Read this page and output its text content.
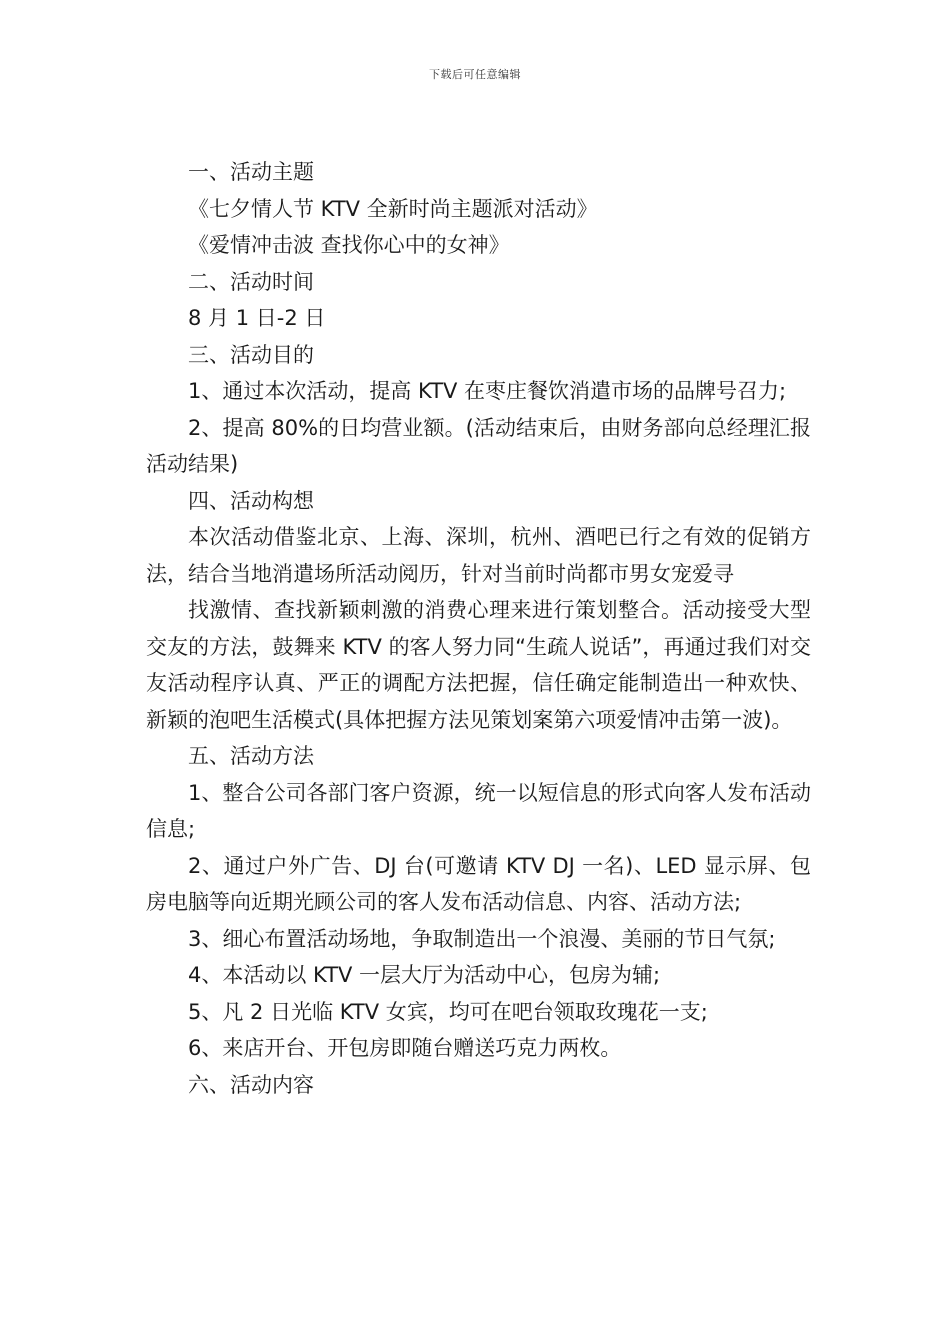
下载后可任意编辑

一、活动主题

《七夕情人节 KTV 全新时尚主题派对活动》

《爱情冲击波 查找你心中的女神》

二、活动时间

8 月 1 日-2 日

三、活动目的

1、通过本次活动，提高 KTV 在枣庄餐饮消遣市场的品牌号召力;

2、提高 80%的日均营业额。(活动结束后，由财务部向总经理汇报活动结果)

四、活动构想

本次活动借鉴北京、上海、深圳，杭州、酒吧已行之有效的促销方法，结合当地消遣场所活动阅历，针对当前时尚都市男女宠爱寻

找激情、查找新颖刺激的消费心理来进行策划整合。活动接受大型交友的方法，鼓舞来 KTV 的客人努力同“生疏人说话”，再通过我们对交友活动程序认真、严正的调配方法把握，信任确定能制造出一种欢快、新颖的泡吧生活模式(具体把握方法见策划案第六项爱情冲击第一波)。

五、活动方法

1、整合公司各部门客户资源，统一以短信息的形式向客人发布活动信息;

2、通过户外广告、DJ 台(可邀请 KTV DJ 一名)、LED 显示屏、包房电脑等向近期光顾公司的客人发布活动信息、内容、活动方法;

3、细心布置活动场地，争取制造出一个浪漫、美丽的节日气氛;

4、本活动以 KTV 一层大厅为活动中心，包房为辅;

5、凡 2 日光临 KTV 女宾，均可在吧台领取玫瑰花一支;

6、来店开台、开包房即随台赠送巧克力两枚。

六、活动内容
